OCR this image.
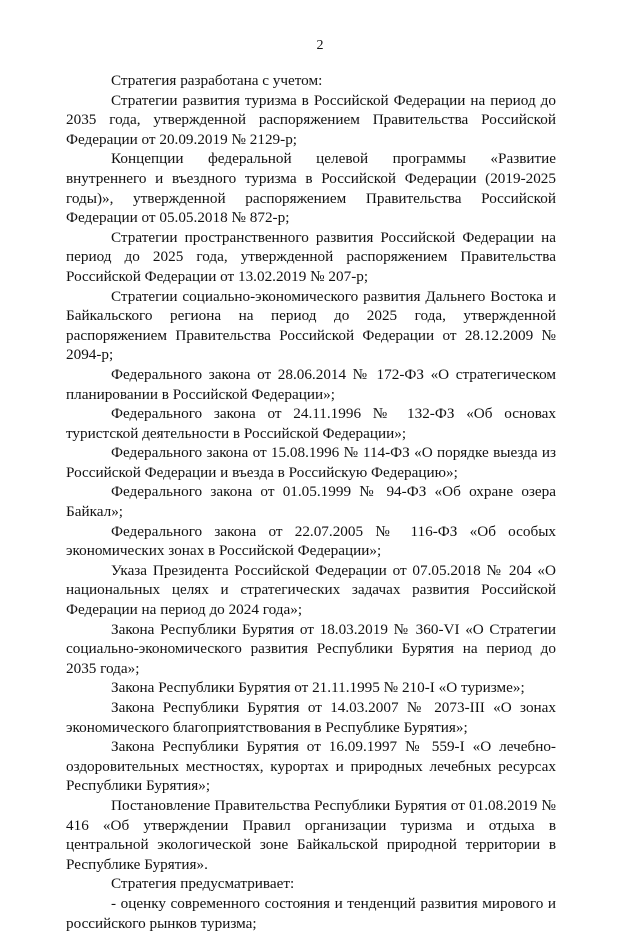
2

Стратегия разработана с учетом:

Стратегии развития туризма в Российской Федерации на период до 2035 года, утвержденной распоряжением Правительства Российской Федерации от 20.09.2019 № 2129-р;

Концепции федеральной целевой программы «Развитие внутреннего и въездного туризма в Российской Федерации (2019-2025 годы)», утвержденной распоряжением Правительства Российской Федерации от 05.05.2018 № 872-р;

Стратегии пространственного развития Российской Федерации на период до 2025 года, утвержденной распоряжением Правительства Российской Федерации от 13.02.2019 № 207-р;

Стратегии социально-экономического развития Дальнего Востока и Байкальского региона на период до 2025 года, утвержденной распоряжением Правительства Российской Федерации от 28.12.2009 № 2094-р;

Федерального закона от 28.06.2014 № 172-ФЗ «О стратегическом планировании в Российской Федерации»;

Федерального закона от 24.11.1996 № 132-ФЗ «Об основах туристской деятельности в Российской Федерации»;

Федерального закона от 15.08.1996 № 114-ФЗ «О порядке выезда из Российской Федерации и въезда в Российскую Федерацию»;

Федерального закона от 01.05.1999 № 94-ФЗ «Об охране озера Байкал»;

Федерального закона от 22.07.2005 № 116-ФЗ «Об особых экономических зонах в Российской Федерации»;

Указа Президента Российской Федерации от 07.05.2018 № 204 «О национальных целях и стратегических задачах развития Российской Федерации на период до 2024 года»;

Закона Республики Бурятия от 18.03.2019 № 360-VI «О Стратегии социально-экономического развития Республики Бурятия на период до 2035 года»;

Закона Республики Бурятия от 21.11.1995 № 210-I «О туризме»;

Закона Республики Бурятия от 14.03.2007 № 2073-III «О зонах экономического благоприятствования в Республике Бурятия»;

Закона Республики Бурятия от 16.09.1997 № 559-I «О лечебно-оздоровительных местностях, курортах и природных лечебных ресурсах Республики Бурятия»;

Постановление Правительства Республики Бурятия от 01.08.2019 № 416 «Об утверждении Правил организации туризма и отдыха в центральной экологической зоне Байкальской природной территории в Республике Бурятия».

Стратегия предусматривает:

- оценку современного состояния и тенденций развития мирового и российского рынков туризма;
